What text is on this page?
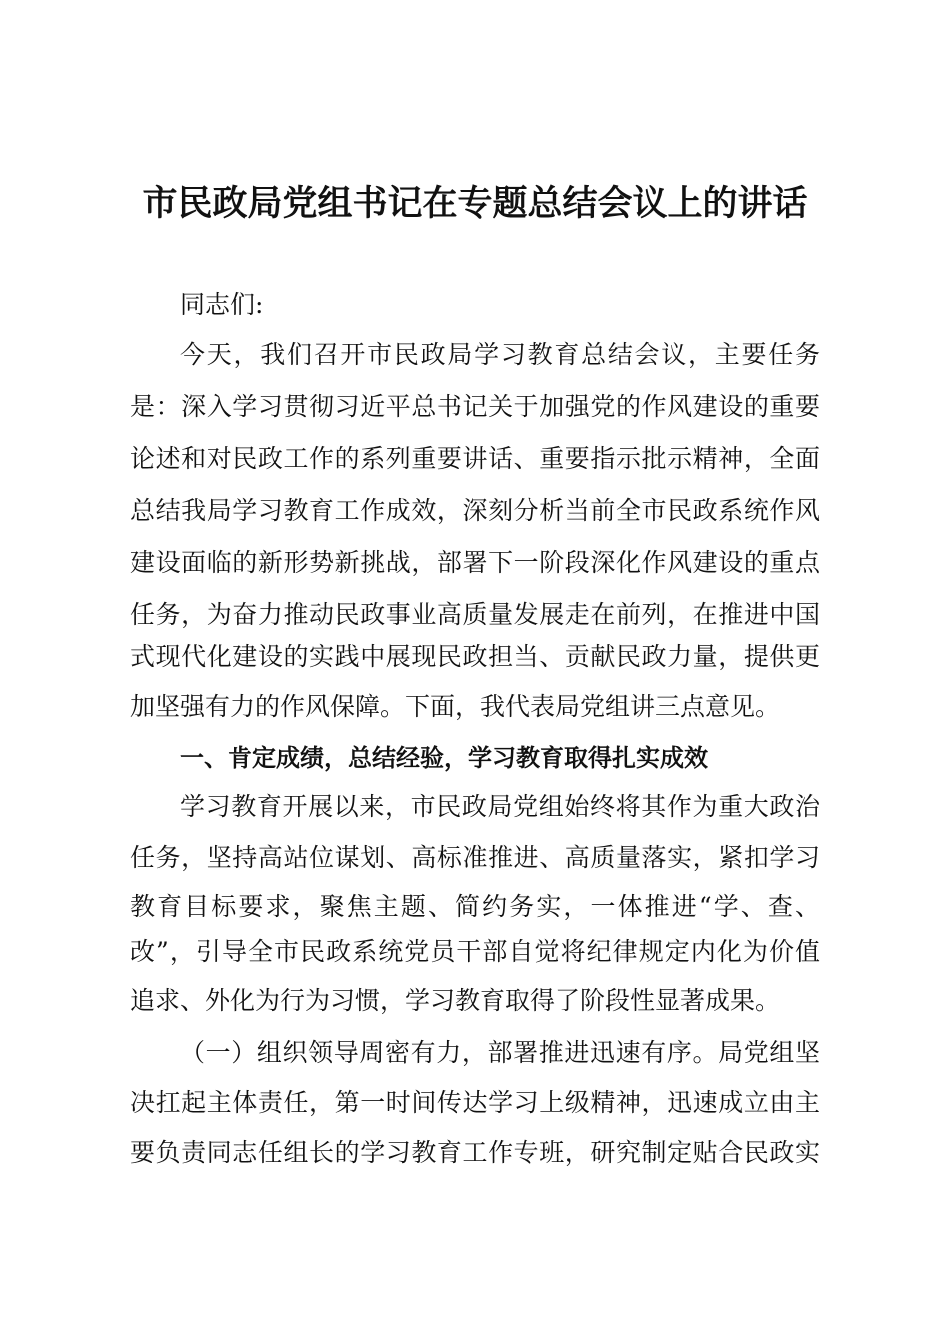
市民政局党组书记在专题总结会议上的讲话
同志们:
今天，我们召开市民政局学习教育总结会议，主要任务
是：深入学习贯彻习近平总书记关于加强党的作风建设的重要
论述和对民政工作的系列重要讲话、重要指示批示精神，全面
总结我局学习教育工作成效，深刻分析当前全市民政系统作风
建设面临的新形势新挑战，部署下一阶段深化作风建设的重点
任务，为奋力推动民政事业高质量发展走在前列，在推进中国
式现代化建设的实践中展现民政担当、贡献民政力量，提供更
加坚强有力的作风保障。下面，我代表局党组讲三点意见。
一、肯定成绩，总结经验，学习教育取得扎实成效
学习教育开展以来，市民政局党组始终将其作为重大政治
任务，坚持高站位谋划、高标准推进、高质量落实，紧扣学习
教育目标要求，聚焦主题、简约务实，一体推进“学、查、
改”，引导全市民政系统党员干部自觉将纪律规定内化为价值
追求、外化为行为习惯，学习教育取得了阶段性显著成果。
（一）组织领导周密有力，部署推进迅速有序。局党组坚
决扛起主体责任，第一时间传达学习上级精神，迅速成立由主
要负责同志任组长的学习教育工作专班，研究制定贴合民政实
